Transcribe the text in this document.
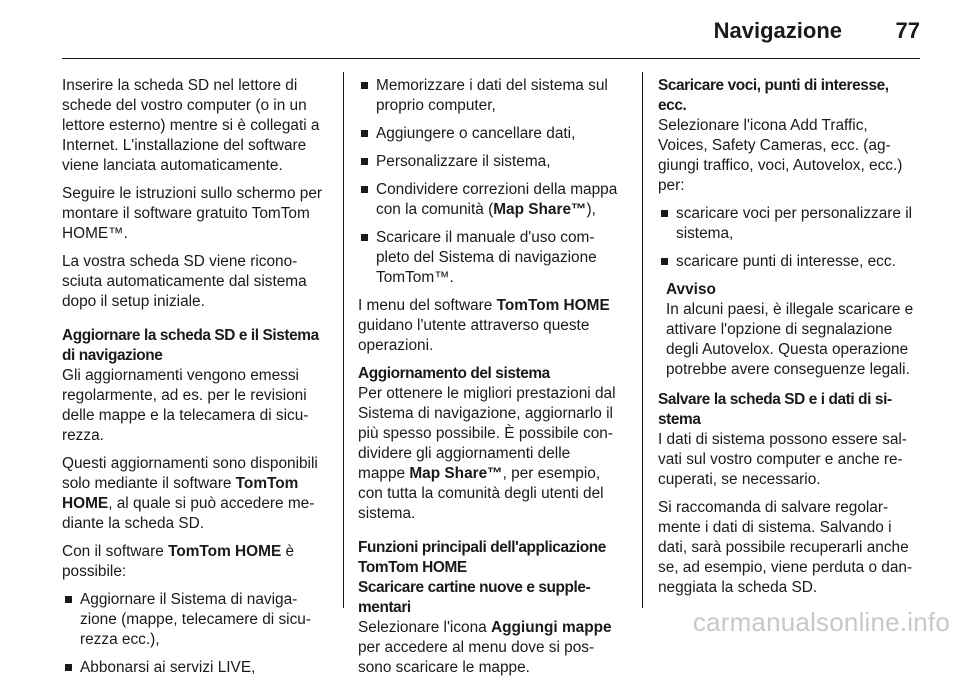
Navigazione 77

Inserire la scheda SD nel lettore di schede del vostro computer (o in un lettore esterno) mentre si è collegati a Internet. L'installazione del software viene lanciata automaticamente.

Seguire le istruzioni sullo schermo per montare il software gratuito TomTom HOME™.

La vostra scheda SD viene ricono-sciuta automaticamente dal sistema dopo il setup iniziale.

Aggiornare la scheda SD e il Sistema di navigazione

Gli aggiornamenti vengono emessi regolarmente, ad es. per le revisioni delle mappe e la telecamera di sicu-rezza.

Questi aggiornamenti sono disponibili solo mediante il software TomTom HOME, al quale si può accedere me-diante la scheda SD.

Con il software TomTom HOME è possibile:

Aggiornare il Sistema di naviga-zione (mappe, telecamere di sicu-rezza ecc.),
Abbonarsi ai servizi LIVE,
Memorizzare i dati del sistema sul proprio computer,
Aggiungere o cancellare dati,
Personalizzare il sistema,
Condividere correzioni della mappa con la comunità (Map Share™),
Scaricare il manuale d'uso com-pleto del Sistema di navigazione TomTom™.

I menu del software TomTom HOME guidano l'utente attraverso queste operazioni.

Aggiornamento del sistema

Per ottenere le migliori prestazioni dal Sistema di navigazione, aggiornarlo il più spesso possibile. È possibile con-dividere gli aggiornamenti delle mappe Map Share™, per esempio, con tutta la comunità degli utenti del sistema.

Funzioni principali dell'applicazione TomTom HOME
Scaricare cartine nuove e supple-mentari

Selezionare l'icona Aggiungi mappe per accedere al menu dove si pos-sono scaricare le mappe.

Scaricare voci, punti di interesse, ecc.

Selezionare l'icona Add Traffic, Voices, Safety Cameras, ecc. (ag-giungi traffico, voci, Autovelox, ecc.) per:

scaricare voci per personalizzare il sistema,
scaricare punti di interesse, ecc.
Avviso
In alcuni paesi, è illegale scaricare e attivare l'opzione di segnalazione degli Autovelox. Questa operazione potrebbe avere conseguenze legali.
Salvare la scheda SD e i dati di si-stema

I dati di sistema possono essere sal-vati sul vostro computer e anche re-cuperati, se necessario.

Si raccomanda di salvare regolar-mente i dati di sistema. Salvando i dati, sarà possibile recuperarli anche se, ad esempio, viene perduta o dan-neggiata la scheda SD.

carmanualsonline.info
